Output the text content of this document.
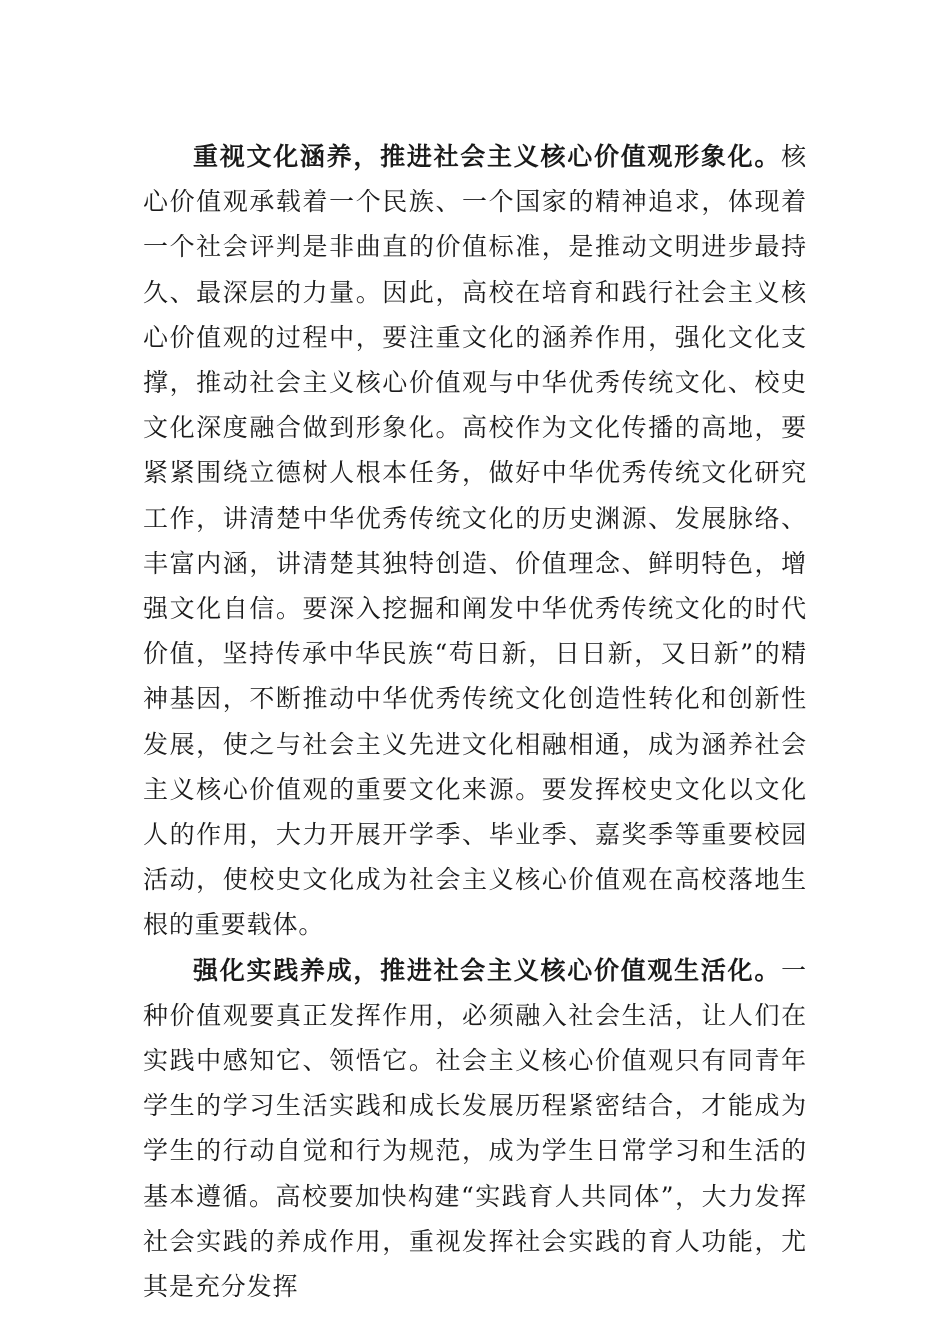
重视文化涵养，推进社会主义核心价值观形象化。核心价值观承载着一个民族、一个国家的精神追求，体现着一个社会评判是非曲直的价值标准，是推动文明进步最持久、最深层的力量。因此，高校在培育和践行社会主义核心价值观的过程中，要注重文化的涵养作用，强化文化支撑，推动社会主义核心价值观与中华优秀传统文化、校史文化深度融合做到形象化。高校作为文化传播的高地，要紧紧围绕立德树人根本任务，做好中华优秀传统文化研究工作，讲清楚中华优秀传统文化的历史渊源、发展脉络、丰富内涵，讲清楚其独特创造、价值理念、鲜明特色，增强文化自信。要深入挖掘和阐发中华优秀传统文化的时代价值，坚持传承中华民族“苟日新，日日新，又日新”的精神基因，不断推动中华优秀传统文化创造性转化和创新性发展，使之与社会主义先进文化相融相通，成为涵养社会主义核心价值观的重要文化来源。要发挥校史文化以文化人的作用，大力开展开学季、毕业季、嘉奖季等重要校园活动，使校史文化成为社会主义核心价值观在高校落地生根的重要载体。

强化实践养成，推进社会主义核心价值观生活化。一种价值观要真正发挥作用，必须融入社会生活，让人们在实践中感知它、领悟它。社会主义核心价值观只有同青年学生的学习生活实践和成长发展历程紧密结合，才能成为学生的行动自觉和行为规范，成为学生日常学习和生活的基本遵循。高校要加快构建“实践育人共同体”，大力发挥社会实践的养成作用，重视发挥社会实践的育人功能，尤其是充分发挥
